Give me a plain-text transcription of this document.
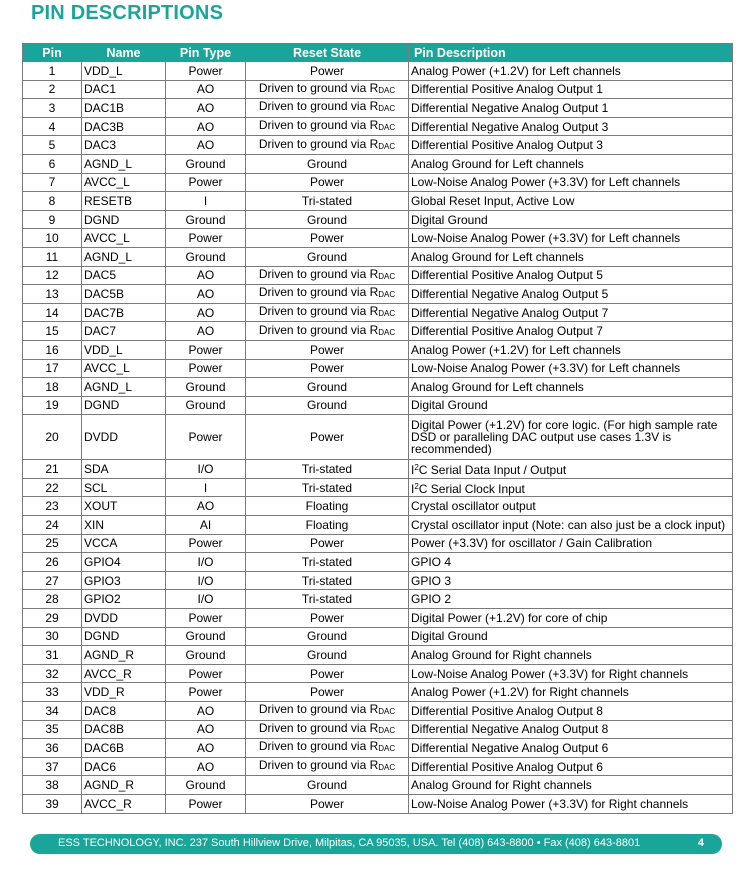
PIN DESCRIPTIONS
Pin	Name	Pin Type	Reset State	Pin Description
1	VDD_L	Power	Power	Analog Power (+1.2V) for Left channels
2	DAC1	AO	Driven to ground via RDAC	Differential Positive Analog Output 1
3	DAC1B	AO	Driven to ground via RDAC	Differential Negative Analog Output 1
4	DAC3B	AO	Driven to ground via RDAC	Differential Negative Analog Output 3
5	DAC3	AO	Driven to ground via RDAC	Differential Positive Analog Output 3
6	AGND_L	Ground	Ground	Analog Ground for Left channels
7	AVCC_L	Power	Power	Low-Noise Analog Power (+3.3V) for Left channels
8	RESETB	I	Tri-stated	Global Reset Input, Active Low
9	DGND	Ground	Ground	Digital Ground
10	AVCC_L	Power	Power	Low-Noise Analog Power (+3.3V) for Left channels
11	AGND_L	Ground	Ground	Analog Ground for Left channels
12	DAC5	AO	Driven to ground via RDAC	Differential Positive Analog Output 5
13	DAC5B	AO	Driven to ground via RDAC	Differential Negative Analog Output 5
14	DAC7B	AO	Driven to ground via RDAC	Differential Negative Analog Output 7
15	DAC7	AO	Driven to ground via RDAC	Differential Positive Analog Output 7
16	VDD_L	Power	Power	Analog Power (+1.2V) for Left channels
17	AVCC_L	Power	Power	Low-Noise Analog Power (+3.3V) for Left channels
18	AGND_L	Ground	Ground	Analog Ground for Left channels
19	DGND	Ground	Ground	Digital Ground
20	DVDD	Power	Power	Digital Power (+1.2V) for core logic. (For high sample rate DSD or paralleling DAC output use cases 1.3V is recommended)
21	SDA	I/O	Tri-stated	$I^2C$ Serial Data Input / Output
22	SCL	I	Tri-stated	$I^2C$ Serial Clock Input
23	XOUT	AO	Floating	Crystal oscillator output
24	XIN	AI	Floating	Crystal oscillator input (Note: can also just be a clock input)
25	VCCA	Power	Power	Power (+3.3V) for oscillator / Gain Calibration
26	GPIO4	I/O	Tri-stated	GPIO 4
27	GPIO3	I/O	Tri-stated	GPIO 3
28	GPIO2	I/O	Tri-stated	GPIO 2
29	DVDD	Power	Power	Digital Power (+1.2V) for core of chip
30	DGND	Ground	Ground	Digital Ground
31	AGND_R	Ground	Ground	Analog Ground for Right channels
32	AVCC_R	Power	Power	Low-Noise Analog Power (+3.3V) for Right channels
33	VDD_R	Power	Power	Analog Power (+1.2V) for Right channels
34	DAC8	AO	Driven to ground via RDAC	Differential Positive Analog Output 8
35	DAC8B	AO	Driven to ground via RDAC	Differential Negative Analog Output 8
36	DAC6B	AO	Driven to ground via RDAC	Differential Negative Analog Output 6
37	DAC6	AO	Driven to ground via RDAC	Differential Positive Analog Output 6
38	AGND_R	Ground	Ground	Analog Ground for Right channels
39	AVCC_R	Power	Power	Low-Noise Analog Power (+3.3V) for Right channels
ESS TECHNOLOGY, INC. 237 South Hillview Drive, Milpitas, CA 95035, USA. Tel (408) 643-8800 • Fax (408) 643-8801	4
